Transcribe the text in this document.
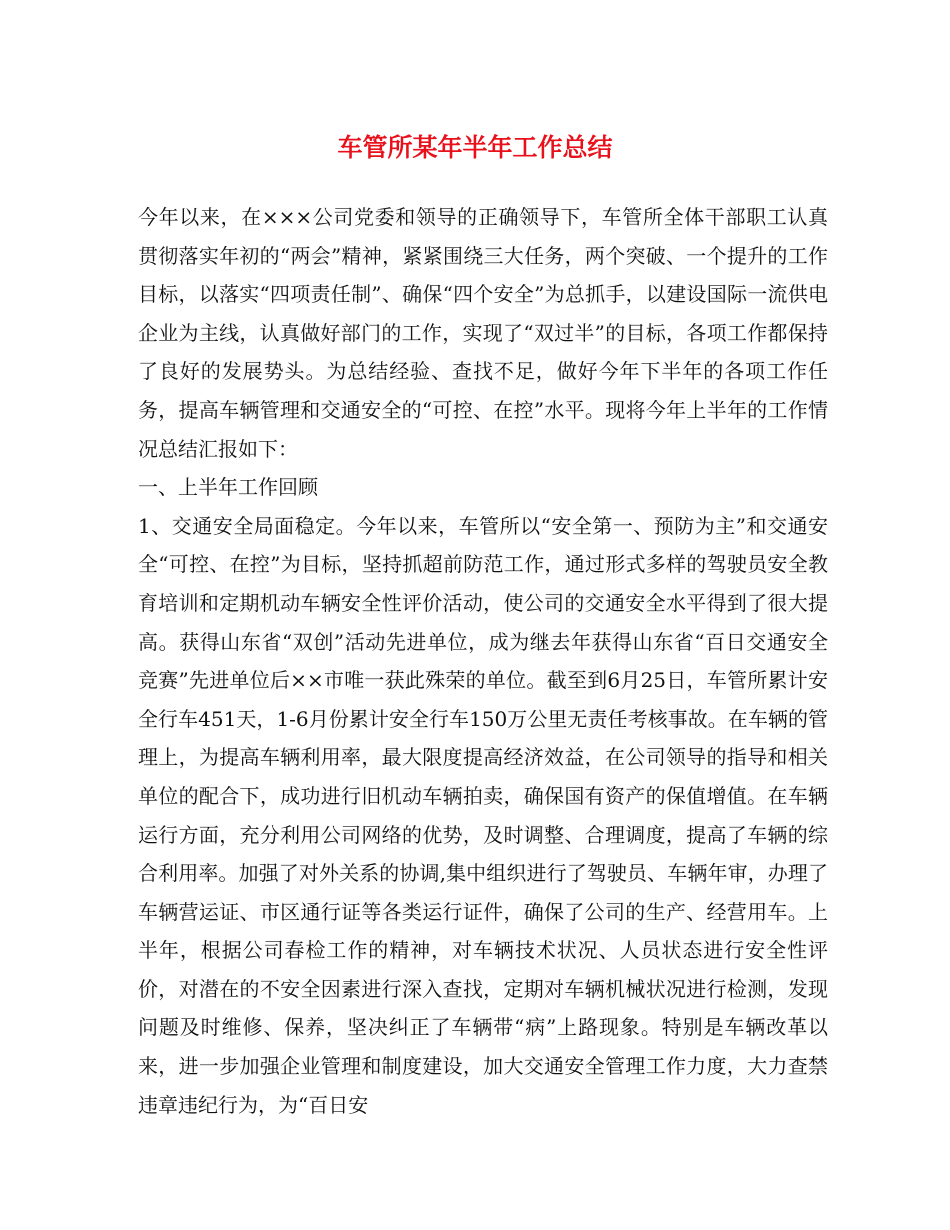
车管所某年半年工作总结

今年以来，在×××公司党委和领导的正确领导下，车管所全体干部职工认真贯彻落实年初的“两会”精神，紧紧围绕三大任务，两个突破、一个提升的工作目标，以落实“四项责任制”、确保“四个安全”为总抓手，以建设国际一流供电企业为主线，认真做好部门的工作，实现了“双过半”的目标，各项工作都保持了良好的发展势头。为总结经验、查找不足，做好今年下半年的各项工作任务，提高车辆管理和交通安全的“可控、在控”水平。现将今年上半年的工作情况总结汇报如下：

一、上半年工作回顾

1、交通安全局面稳定。今年以来，车管所以“安全第一、预防为主”和交通安全“可控、在控”为目标，坚持抓超前防范工作，通过形式多样的驾驶员安全教育培训和定期机动车辆安全性评价活动，使公司的交通安全水平得到了很大提高。获得山东省“双创”活动先进单位，成为继去年获得山东省“百日交通安全竞赛”先进单位后××市唯一获此殊荣的单位。截至到6月25日，车管所累计安全行车451天，1-6月份累计安全行车150万公里无责任考核事故。在车辆的管理上，为提高车辆利用率，最大限度提高经济效益，在公司领导的指导和相关单位的配合下，成功进行旧机动车辆拍卖，确保国有资产的保值增值。在车辆运行方面，充分利用公司网络的优势，及时调整、合理调度，提高了车辆的综合利用率。加强了对外关系的协调,集中组织进行了驾驶员、车辆年审，办理了车辆营运证、市区通行证等各类运行证件，确保了公司的生产、经营用车。上半年，根据公司春检工作的精神，对车辆技术状况、人员状态进行安全性评价，对潜在的不安全因素进行深入查找，定期对车辆机械状况进行检测，发现问题及时维修、保养，坚决纠正了车辆带“病”上路现象。特别是车辆改革以来，进一步加强企业管理和制度建设，加大交通安全管理工作力度，大力查禁违章违纪行为，为“百日安
